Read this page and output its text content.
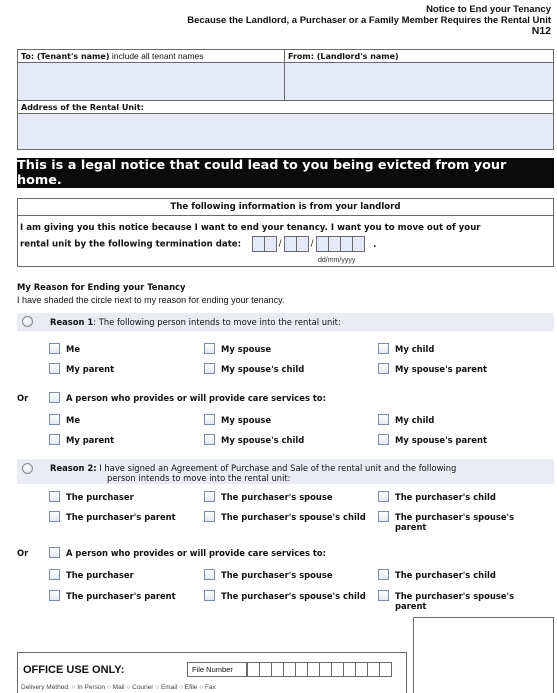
Notice to End your Tenancy
Because the Landlord, a Purchaser or a Family Member Requires the Rental Unit
N12
To: (Tenant's name) include all tenant names	From: (Landlord's name)
Address of the Rental Unit:
This is a legal notice that could lead to you being evicted from your home.
The following information is from your landlord
I am giving you this notice because I want to end your tenancy. I want you to move out of your
rental unit by the following termination date:	/	/	.
dd/mm/yyyy
My Reason for Ending your Tenancy
I have shaded the circle next to my reason for ending your tenancy.
Reason 1: The following person intends to move into the rental unit:
Me	My spouse	My child
My parent	My spouse's child	My spouse's parent
Or	A person who provides or will provide care services to:
Me	My spouse	My child
My parent	My spouse's child	My spouse's parent
Reason 2: I have signed an Agreement of Purchase and Sale of the rental unit and the following
person intends to move into the rental unit:
The purchaser	The purchaser's spouse	The purchaser's child
The purchaser's parent	The purchaser's spouse's child	The purchaser's spouse's parent
Or	A person who provides or will provide care services to:
The purchaser	The purchaser's spouse	The purchaser's child
The purchaser's parent	The purchaser's spouse's child	The purchaser's spouse's parent
OFFICE USE ONLY:	File Number
Delivery Method: ○ In Person ○ Mail ○ Courier ○ Email ○ Efile ○ Fax
